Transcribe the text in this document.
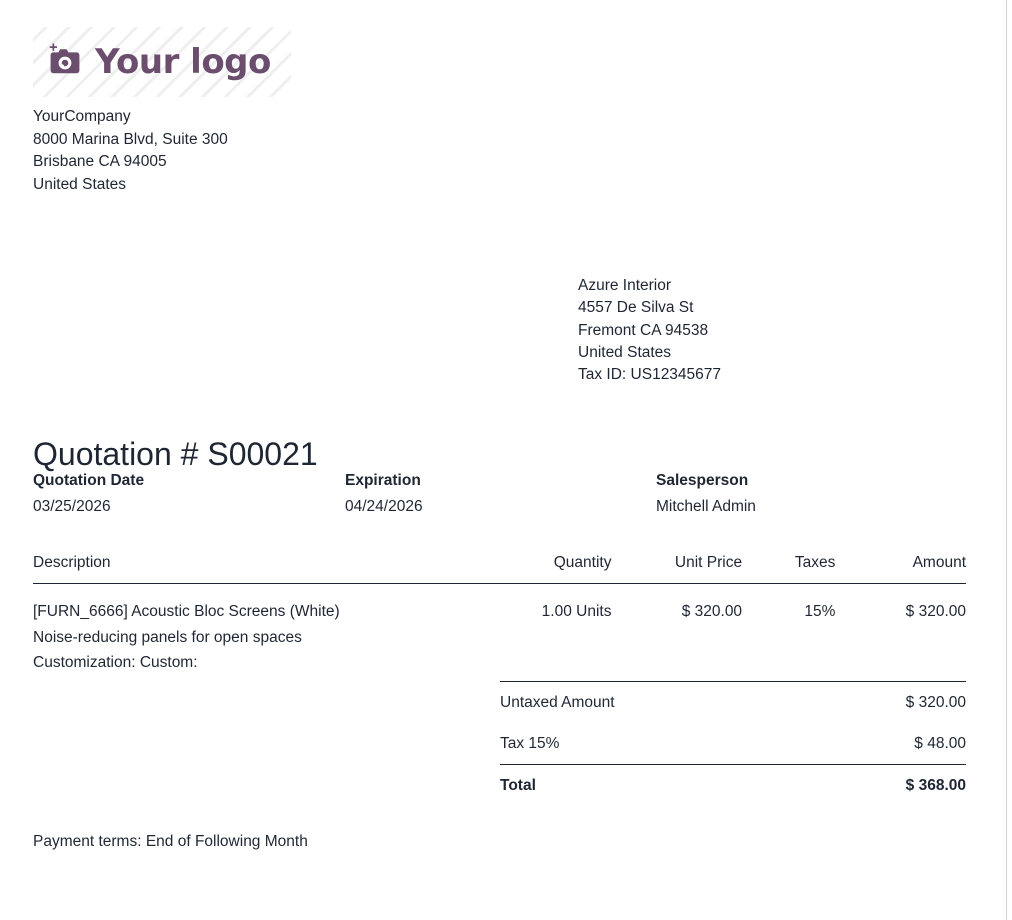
Your logo
YourCompany
8000 Marina Blvd, Suite 300
Brisbane CA 94005
United States
Azure Interior
4557 De Silva St
Fremont CA 94538
United States
Tax ID: US12345677
Quotation # S00021
Quotation Date
03/25/2026
Expiration
04/24/2026
Salesperson
Mitchell Admin
Description	Quantity	Unit Price	Taxes	Amount

[FURN_6666] Acoustic Bloc Screens (White)
Noise-reducing panels for open spaces
Customization: Custom:	1.00 Units	$ 320.00	15%	$ 320.00
Untaxed Amount	$ 320.00
Tax 15%	$ 48.00
Total	$ 368.00
Payment terms: End of Following Month
